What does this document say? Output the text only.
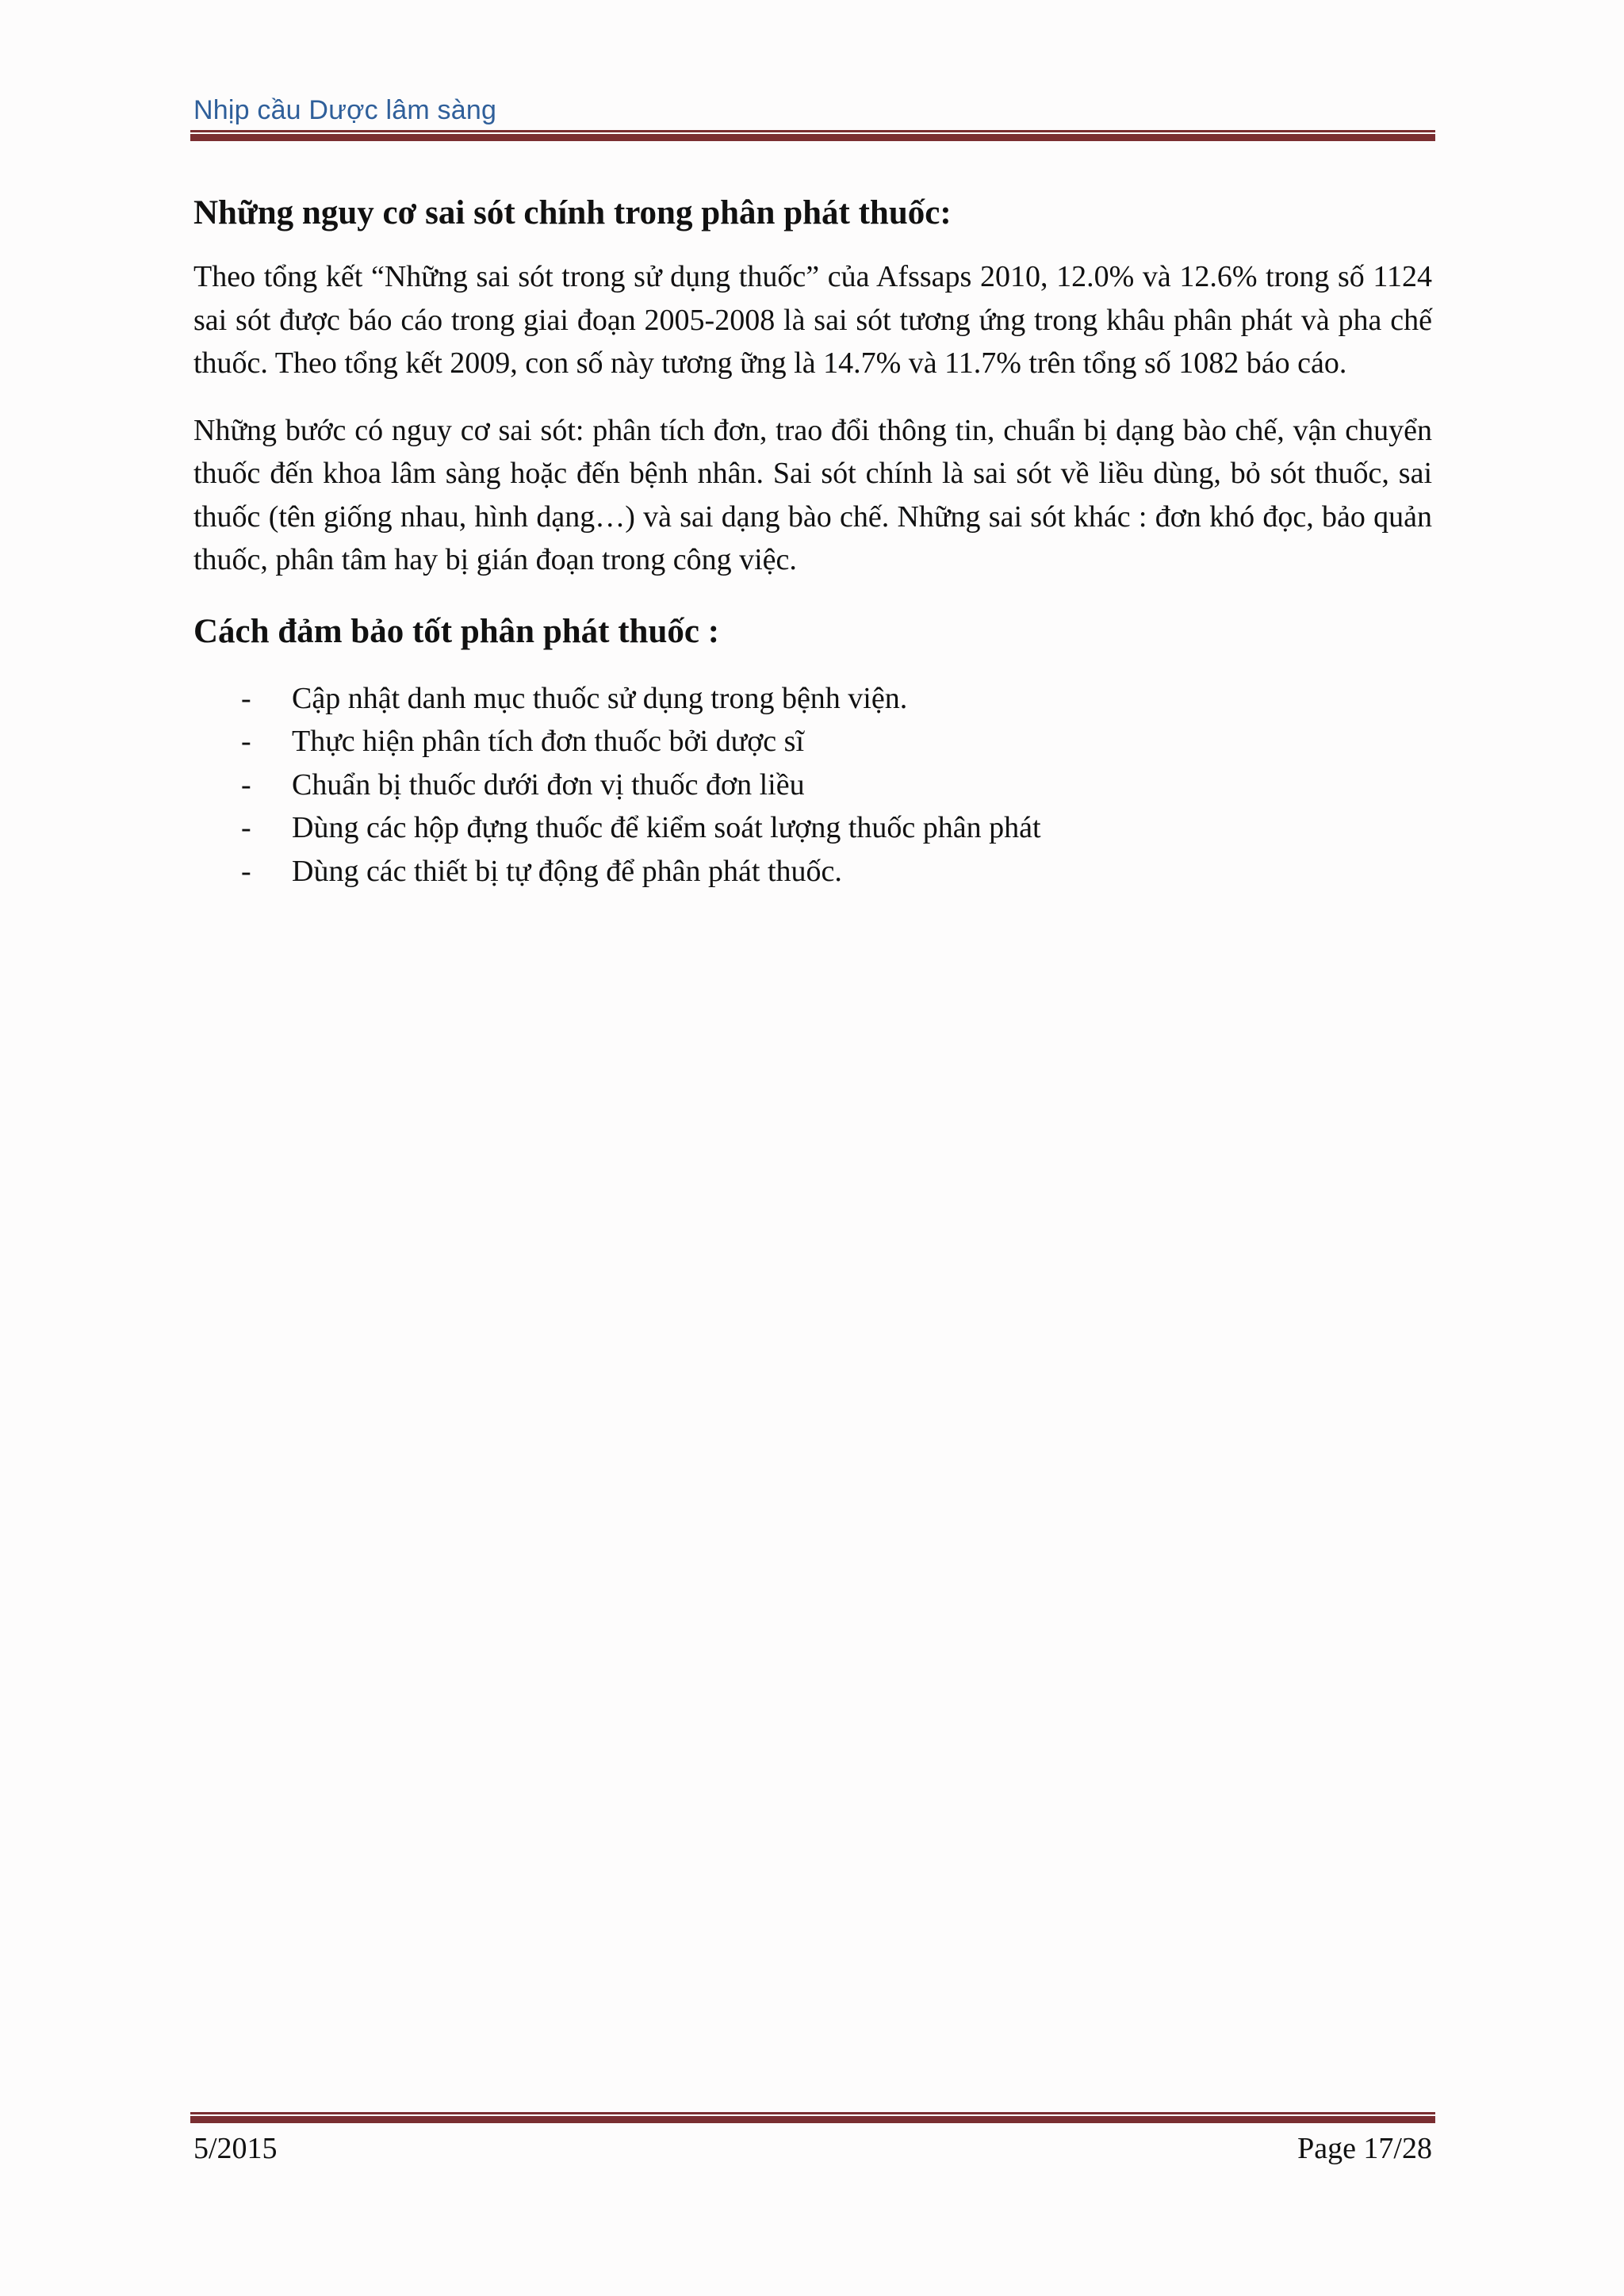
Nhịp cầu Dược lâm sàng
Những nguy cơ sai sót chính trong phân phát thuốc:

Theo tổng kết “Những sai sót trong sử dụng thuốc” của Afssaps 2010, 12.0% và 12.6% trong số 1124 sai sót được báo cáo trong giai đoạn 2005-2008 là sai sót tương ứng trong khâu phân phát và pha chế thuốc. Theo tổng kết 2009, con số này tương ững là 14.7% và 11.7% trên tổng số 1082 báo cáo.

Những bước có nguy cơ sai sót: phân tích đơn, trao đổi thông tin, chuẩn bị dạng bào chế, vận chuyển thuốc đến khoa lâm sàng hoặc đến bệnh nhân. Sai sót chính là sai sót về liều dùng, bỏ sót thuốc, sai thuốc (tên giống nhau, hình dạng…) và sai dạng bào chế. Những sai sót khác : đơn khó đọc, bảo quản thuốc, phân tâm hay bị gián đoạn trong công việc.

Cách đảm bảo tốt phân phát thuốc :
- Cập nhật danh mục thuốc sử dụng trong bệnh viện.
- Thực hiện phân tích đơn thuốc bởi dược sĩ
- Chuẩn bị thuốc dưới đơn vị thuốc đơn liều
- Dùng các hộp đựng thuốc để kiểm soát lượng thuốc phân phát
- Dùng các thiết bị tự động để phân phát thuốc.
5/2015	Page 17/28
